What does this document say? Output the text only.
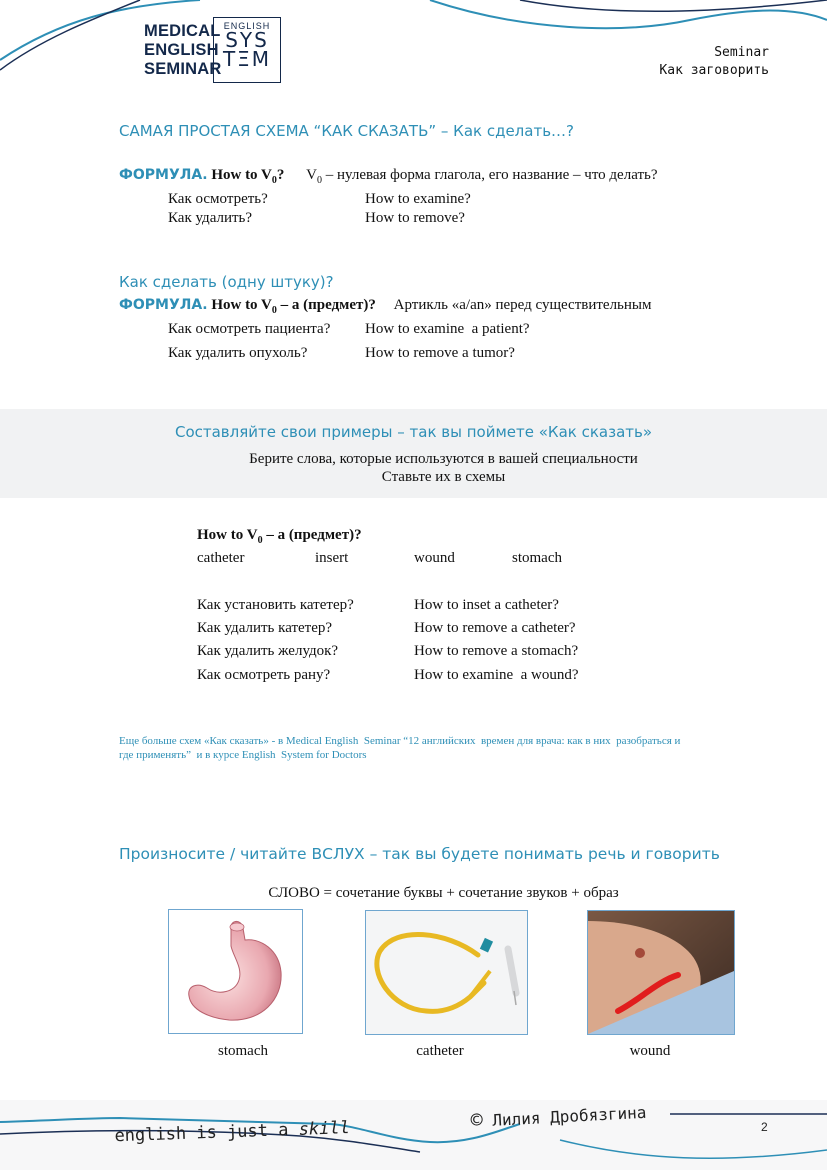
MEDICAL
ENGLISH
SEMINAR
ENGLISH
SYS
TΞM	Seminar
Как заговорить
САМАЯ ПРОСТАЯ СХЕМА “КАК СКАЗАТЬ” – Как сделать…?
ФОРМУЛА. How to $V_0$? $V_0$ – нулевая форма глагола, его название – что делать?
Как осмотреть?	How to examine?
Как удалить?	How to remove?
Как сделать (одну штуку)?
ФОРМУЛА. How to $V_0$ – a (предмет)? Артикль «a/an» перед существительным
Как осмотреть пациента? How to examine  a patient?
Как удалить опухоль?	How to remove a tumor?
Составляйте свои примеры – так вы поймете «Как сказать»
Берите слова, которые используются в вашей специальности
Ставьте их в схемы
How to $V_0$ – a (предмет)?
catheter	insert	wound	stomach
Как установить катетер?	How to inset a catheter?
Как удалить катетер?	How to remove a catheter?
Как удалить желудок?	How to remove a stomach?
Как осмотреть рану?	How to examine  a wound?
Еще больше схем «Как сказать» - в Medical English  Seminar “12 английских  времен для врача: как в них  разобраться и
где применять”  и в курсе English  System for Doctors
Произносите / читайте ВСЛУХ – так вы будете понимать речь и говорить
СЛОВО = сочетание буквы + сочетание звуков + образ
stomach	catheter	wound

english is just a skill	© Лилия Дробязгина	2
